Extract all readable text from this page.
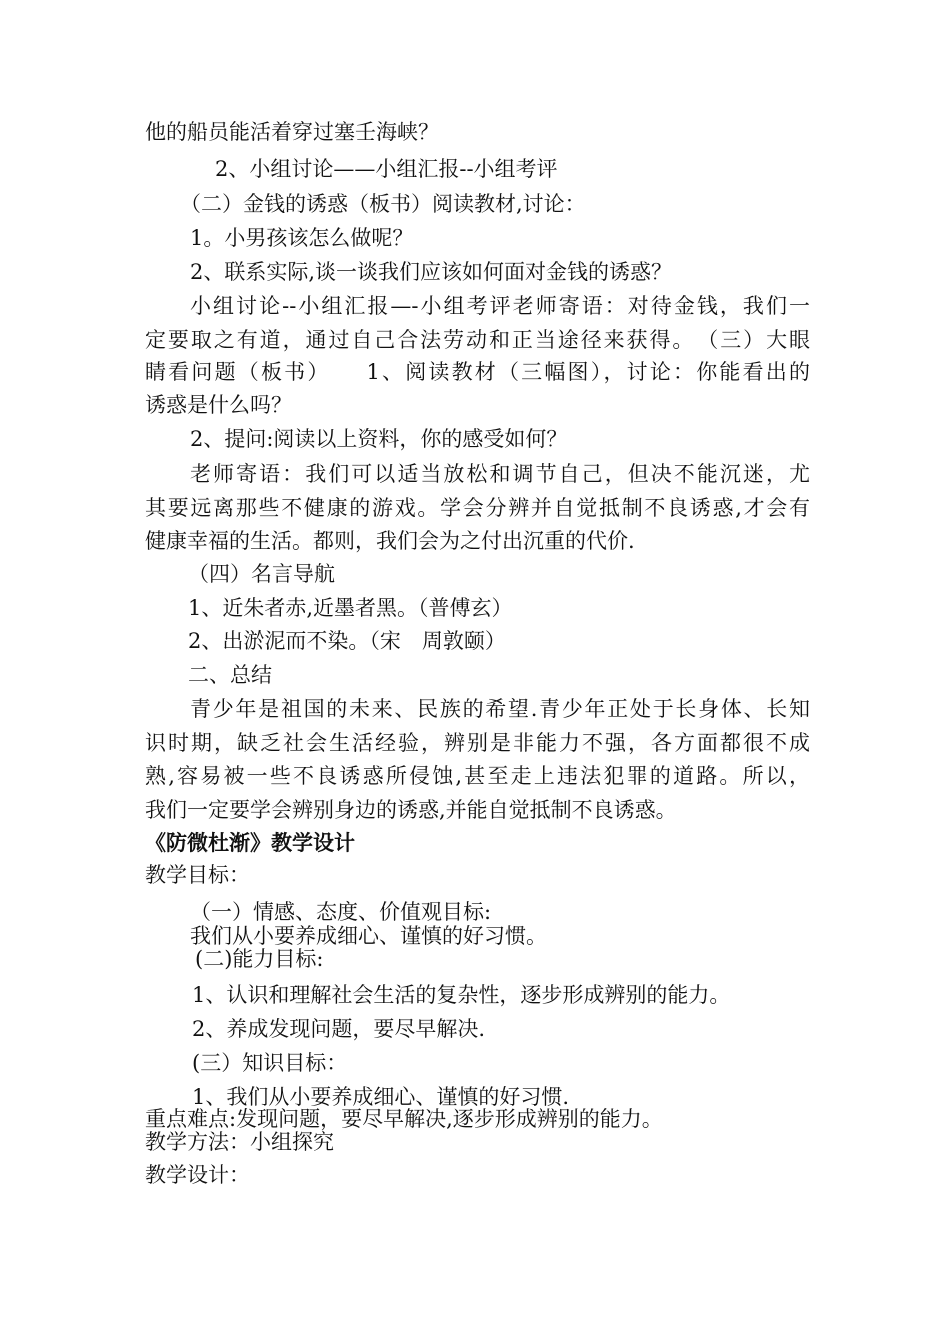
他的船员能活着穿过塞壬海峡？

2、小组讨论——小组汇报--小组考评

（二）金钱的诱惑（板书）阅读教材,讨论：

1。小男孩该怎么做呢？

2、联系实际,谈一谈我们应该如何面对金钱的诱惑？

小组讨论--小组汇报—-小组考评老师寄语：对待金钱，我们一

定要取之有道，通过自己合法劳动和正当途径来获得。　（三）大眼

睛看问题（板书）　　1、阅读教材（三幅图），讨论：你能看出的

诱惑是什么吗？

2、提问:阅读以上资料，你的感受如何？

老师寄语：我们可以适当放松和调节自己，但决不能沉迷，尤

其要远离那些不健康的游戏。学会分辨并自觉抵制不良诱惑,才会有

健康幸福的生活。都则，我们会为之付出沉重的代价.

（四）名言导航

1、近朱者赤,近墨者黑。（普傅玄）

2、出淤泥而不染。（宋　周敦颐）

二、总结

青少年是祖国的未来、民族的希望.青少年正处于长身体、长知

识时期，缺乏社会生活经验，辨别是非能力不强，各方面都很不成

熟,容易被一些不良诱惑所侵蚀,甚至走上违法犯罪的道路。所以，

我们一定要学会辨别身边的诱惑,并能自觉抵制不良诱惑。

《防微杜渐》教学设计

教学目标：

（一）情感、态度、价值观目标:

我们从小要养成细心、谨慎的好习惯。

(二)能力目标:

1、认识和理解社会生活的复杂性，逐步形成辨别的能力。

2、养成发现问题，要尽早解决.

(三）知识目标：

1、我们从小要养成细心、谨慎的好习惯.

重点难点:发现问题，要尽早解决,逐步形成辨别的能力。

教学方法：小组探究

教学设计：
